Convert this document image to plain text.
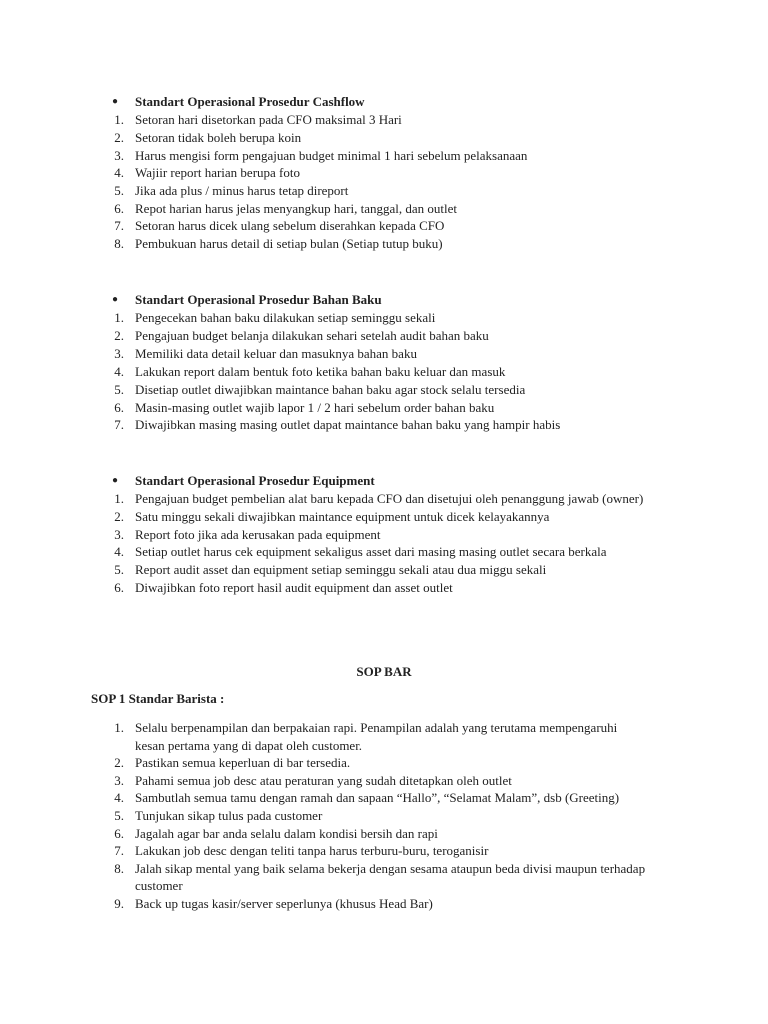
●	Standart Operasional Prosedur Cashflow
1. Setoran hari disetorkan pada CFO maksimal 3 Hari
2. Setoran tidak boleh berupa koin
3. Harus mengisi form pengajuan budget minimal 1 hari sebelum pelaksanaan
4. Wajiir report harian berupa foto
5. Jika ada plus / minus harus tetap direport
6. Repot harian harus jelas menyangkup hari, tanggal, dan outlet
7. Setoran harus dicek ulang sebelum diserahkan kepada CFO
8. Pembukuan harus detail di setiap bulan (Setiap tutup buku)
●	Standart Operasional Prosedur Bahan Baku
1. Pengecekan bahan baku dilakukan setiap seminggu sekali
2. Pengajuan budget belanja dilakukan sehari setelah audit bahan baku
3. Memiliki data detail keluar dan masuknya bahan baku
4. Lakukan report dalam bentuk foto ketika bahan baku keluar dan masuk
5. Disetiap outlet diwajibkan maintance bahan baku agar stock selalu tersedia
6. Masin-masing outlet wajib lapor 1 / 2 hari sebelum order bahan baku
7. Diwajibkan masing masing outlet dapat maintance bahan baku yang hampir habis
●	Standart Operasional Prosedur Equipment
1. Pengajuan budget pembelian alat baru kepada CFO dan disetujui oleh penanggung jawab (owner)
2. Satu minggu sekali diwajibkan maintance equipment untuk dicek kelayakannya
3. Report foto jika ada kerusakan pada equipment
4. Setiap outlet harus cek equipment sekaligus asset dari masing masing outlet secara berkala
5. Report audit asset dan equipment setiap seminggu sekali atau dua miggu sekali
6. Diwajibkan foto report hasil audit equipment dan asset outlet
SOP BAR
SOP 1 Standar Barista :
1. Selalu berpenampilan dan berpakaian rapi. Penampilan adalah yang terutama mempengaruhi
kesan pertama yang di dapat oleh customer.
2. Pastikan semua keperluan di bar tersedia.
3. Pahami semua job desc atau peraturan yang sudah ditetapkan oleh outlet
4. Sambutlah semua tamu dengan ramah dan sapaan “Hallo”, “Selamat Malam”, dsb (Greeting)
5. Tunjukan sikap tulus pada customer
6. Jagalah agar bar anda selalu dalam kondisi bersih dan rapi
7. Lakukan job desc dengan teliti tanpa harus terburu-buru, teroganisir
8. Jalah sikap mental yang baik selama bekerja dengan sesama ataupun beda divisi maupun terhadap
customer
9. Back up tugas kasir/server seperlunya (khusus Head Bar)
